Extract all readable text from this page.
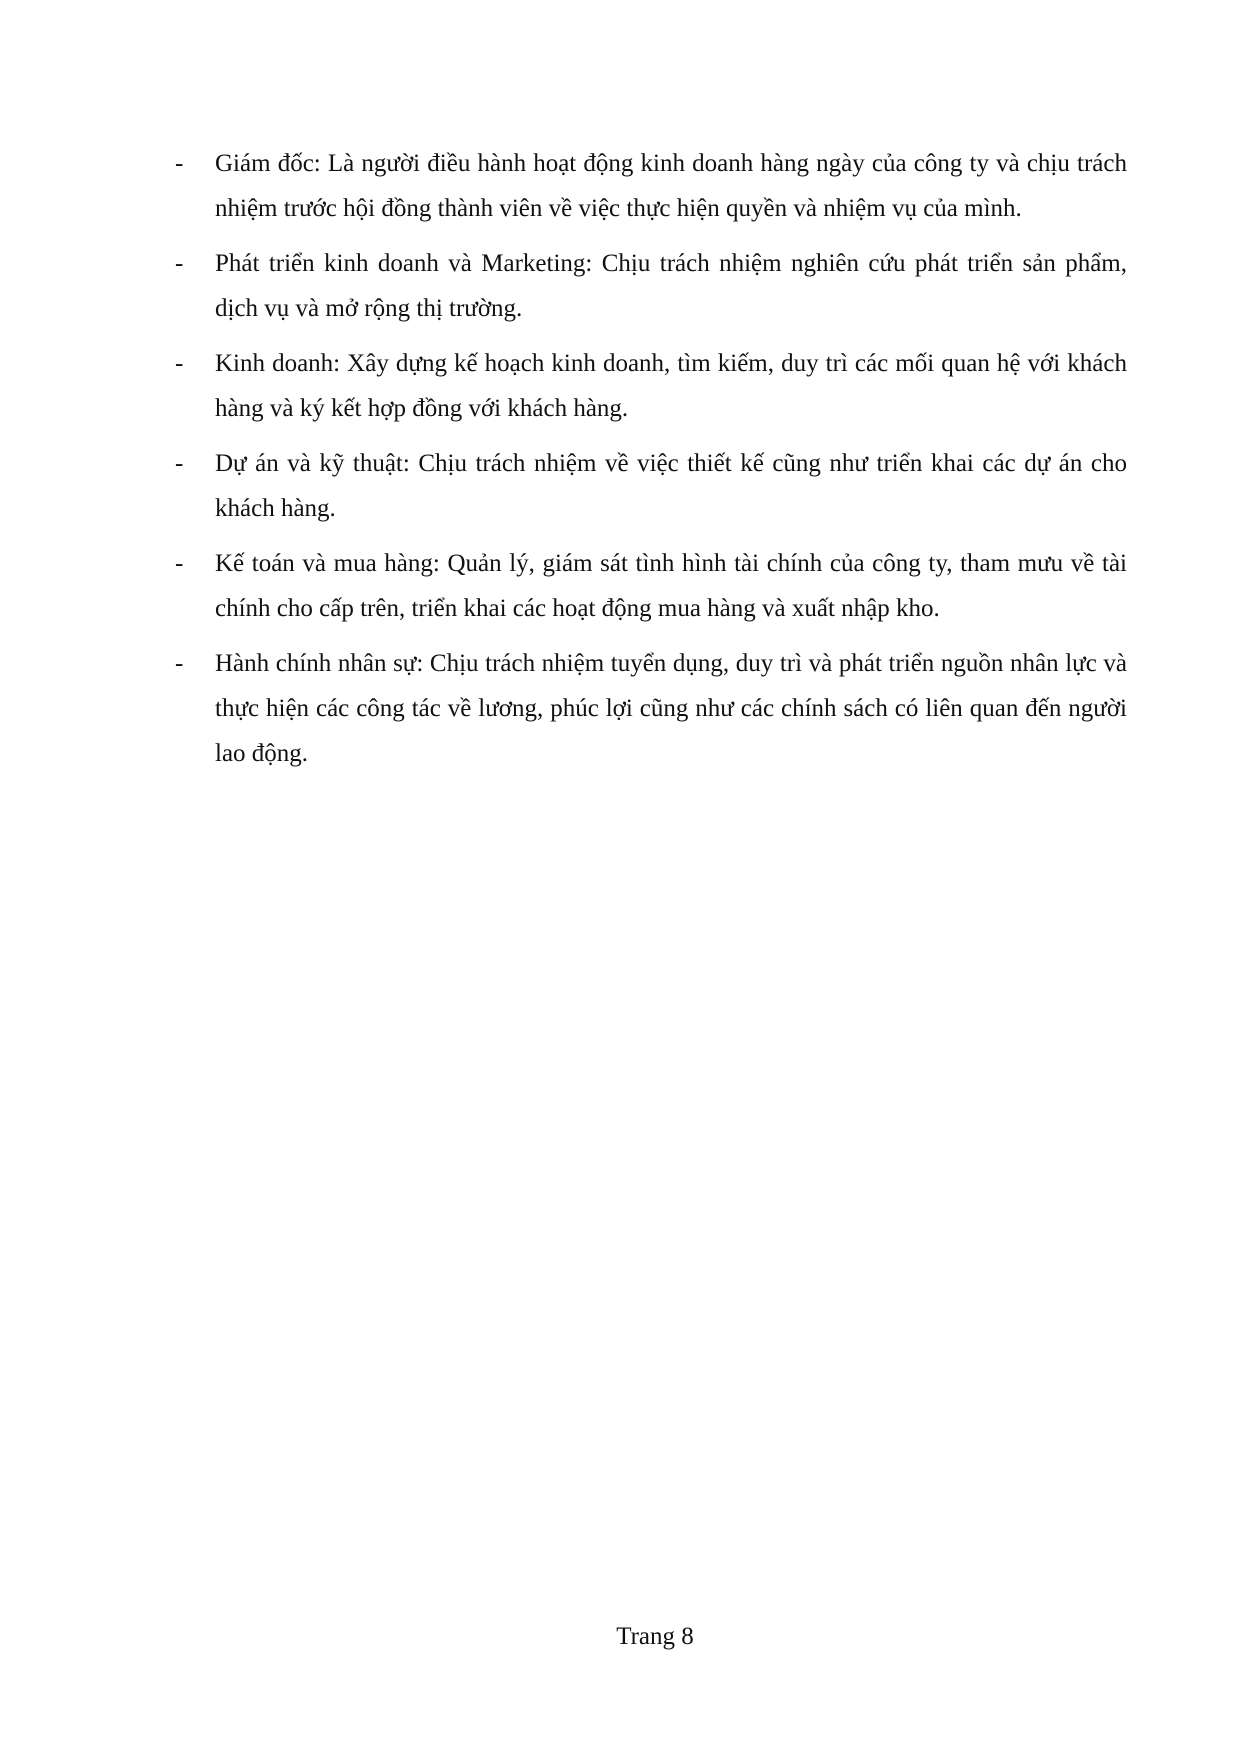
-	Giám đốc: Là người điều hành hoạt động kinh doanh hàng ngày của công ty và chịu trách nhiệm trước hội đồng thành viên về việc thực hiện quyền và nhiệm vụ của mình.
-	Phát triển kinh doanh và Marketing: Chịu trách nhiệm nghiên cứu phát triển sản phẩm, dịch vụ và mở rộng thị trường.
-	Kinh doanh: Xây dựng kế hoạch kinh doanh, tìm kiếm, duy trì các mối quan hệ với khách hàng và ký kết hợp đồng với khách hàng.
-	Dự án và kỹ thuật: Chịu trách nhiệm về việc thiết kế cũng như triển khai các dự án cho khách hàng.
-	Kế toán và mua hàng: Quản lý, giám sát tình hình tài chính của công ty, tham mưu về tài chính cho cấp trên, triển khai các hoạt động mua hàng và xuất nhập kho.
-	Hành chính nhân sự: Chịu trách nhiệm tuyển dụng, duy trì và phát triển nguồn nhân lực và thực hiện các công tác về lương, phúc lợi cũng như các chính sách có liên quan đến người lao động.
Trang 8
